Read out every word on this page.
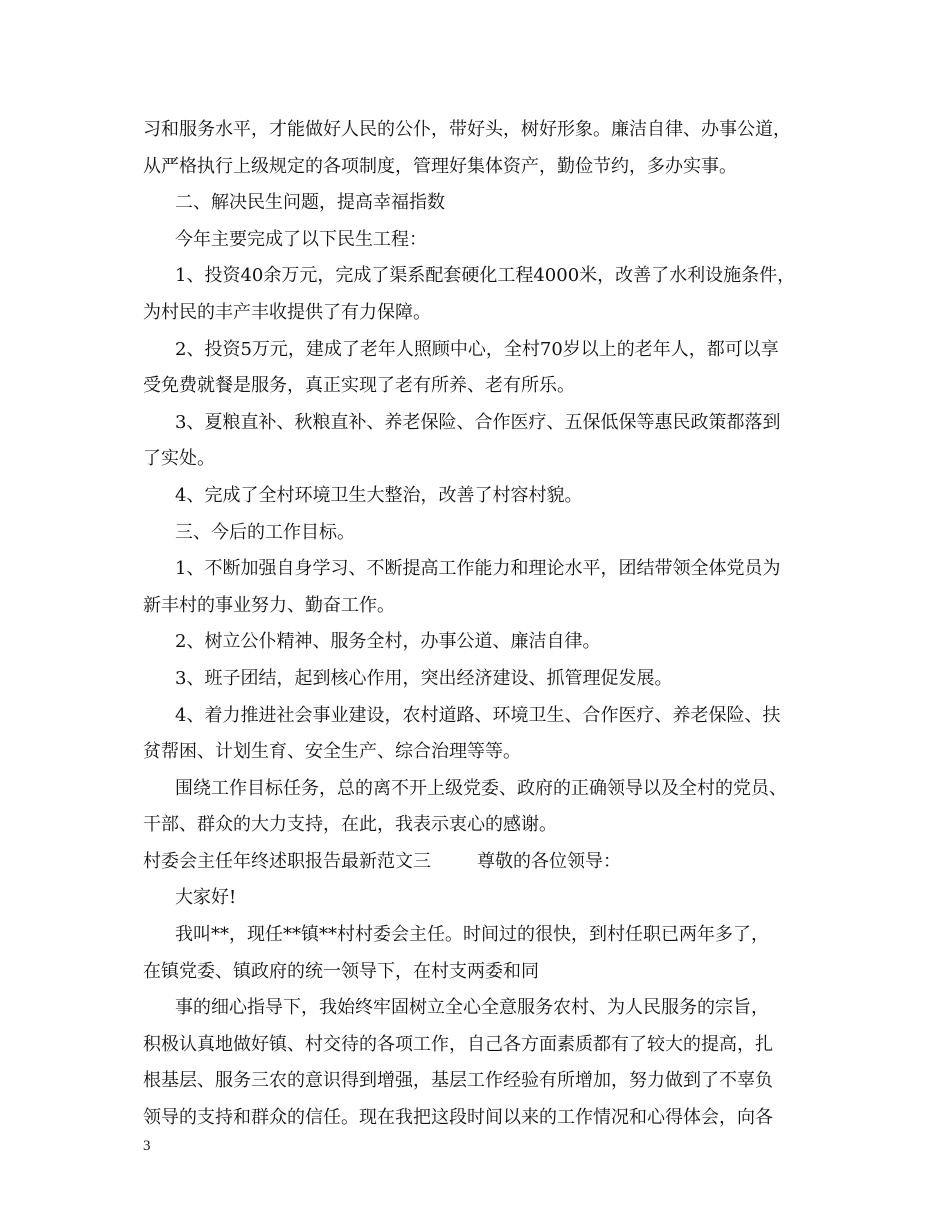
习和服务水平，才能做好人民的公仆，带好头，树好形象。廉洁自律、办事公道，
从严格执行上级规定的各项制度，管理好集体资产，勤俭节约，多办实事。
二、解决民生问题，提高幸福指数
今年主要完成了以下民生工程：
1、投资40余万元，完成了渠系配套硬化工程4000米，改善了水利设施条件，
为村民的丰产丰收提供了有力保障。
2、投资5万元，建成了老年人照顾中心，全村70岁以上的老年人，都可以享
受免费就餐是服务，真正实现了老有所养、老有所乐。
3、夏粮直补、秋粮直补、养老保险、合作医疗、五保低保等惠民政策都落到
了实处。
4、完成了全村环境卫生大整治，改善了村容村貌。
三、今后的工作目标。
1、不断加强自身学习、不断提高工作能力和理论水平，团结带领全体党员为
新丰村的事业努力、勤奋工作。
2、树立公仆精神、服务全村，办事公道、廉洁自律。
3、班子团结，起到核心作用，突出经济建设、抓管理促发展。
4、着力推进社会事业建设，农村道路、环境卫生、合作医疗、养老保险、扶
贫帮困、计划生育、安全生产、综合治理等等。
围绕工作目标任务，总的离不开上级党委、政府的正确领导以及全村的党员、
干部、群众的大力支持，在此，我表示衷心的感谢。
村委会主任年终述职报告最新范文三	尊敬的各位领导：
大家好!
我叫**，现任**镇**村村委会主任。时间过的很快，到村任职已两年多了，
在镇党委、镇政府的统一领导下，在村支两委和同
事的细心指导下，我始终牢固树立全心全意服务农村、为人民服务的宗旨，
积极认真地做好镇、村交待的各项工作，自己各方面素质都有了较大的提高，扎
根基层、服务三农的意识得到增强，基层工作经验有所增加，努力做到了不辜负
领导的支持和群众的信任。现在我把这段时间以来的工作情况和心得体会，向各
3
